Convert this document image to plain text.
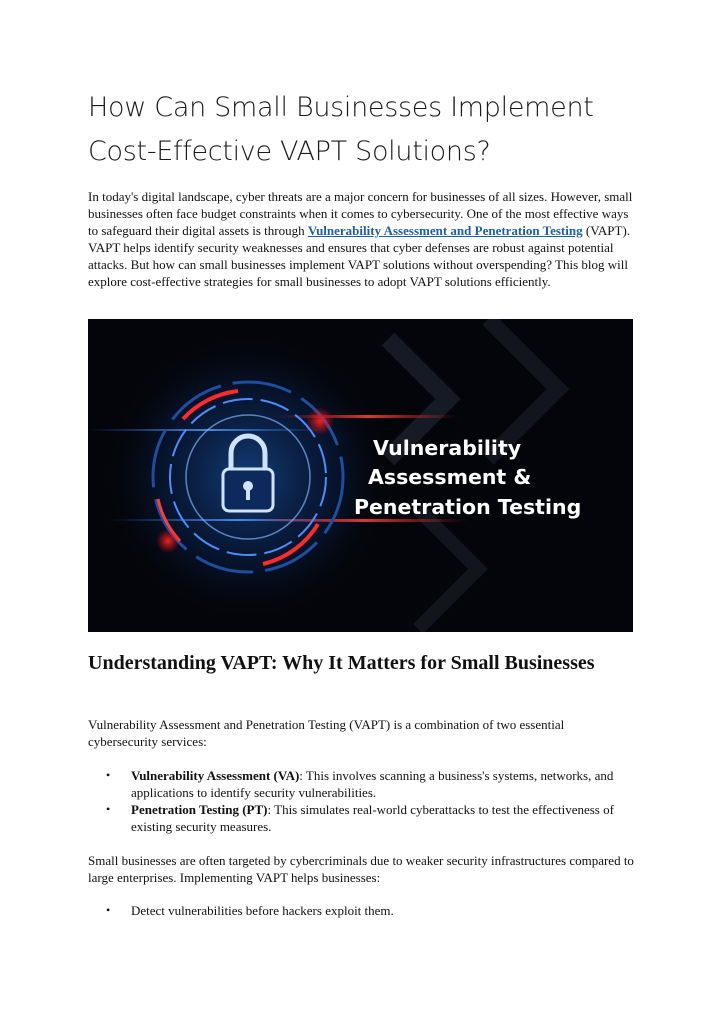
How Can Small Businesses Implement Cost-Effective VAPT Solutions?

In today's digital landscape, cyber threats are a major concern for businesses of all sizes. However, small businesses often face budget constraints when it comes to cybersecurity. One of the most effective ways to safeguard their digital assets is through Vulnerability Assessment and Penetration Testing (VAPT). VAPT helps identify security weaknesses and ensures that cyber defenses are robust against potential attacks. But how can small businesses implement VAPT solutions without overspending? This blog will explore cost-effective strategies for small businesses to adopt VAPT solutions efficiently.

Vulnerability
Assessment &
Penetration Testing
Understanding VAPT: Why It Matters for Small Businesses

Vulnerability Assessment and Penetration Testing (VAPT) is a combination of two essential cybersecurity services:

• Vulnerability Assessment (VA): This involves scanning a business's systems, networks, and applications to identify security vulnerabilities.
• Penetration Testing (PT): This simulates real-world cyberattacks to test the effectiveness of existing security measures.

Small businesses are often targeted by cybercriminals due to weaker security infrastructures compared to large enterprises. Implementing VAPT helps businesses:

• Detect vulnerabilities before hackers exploit them.
